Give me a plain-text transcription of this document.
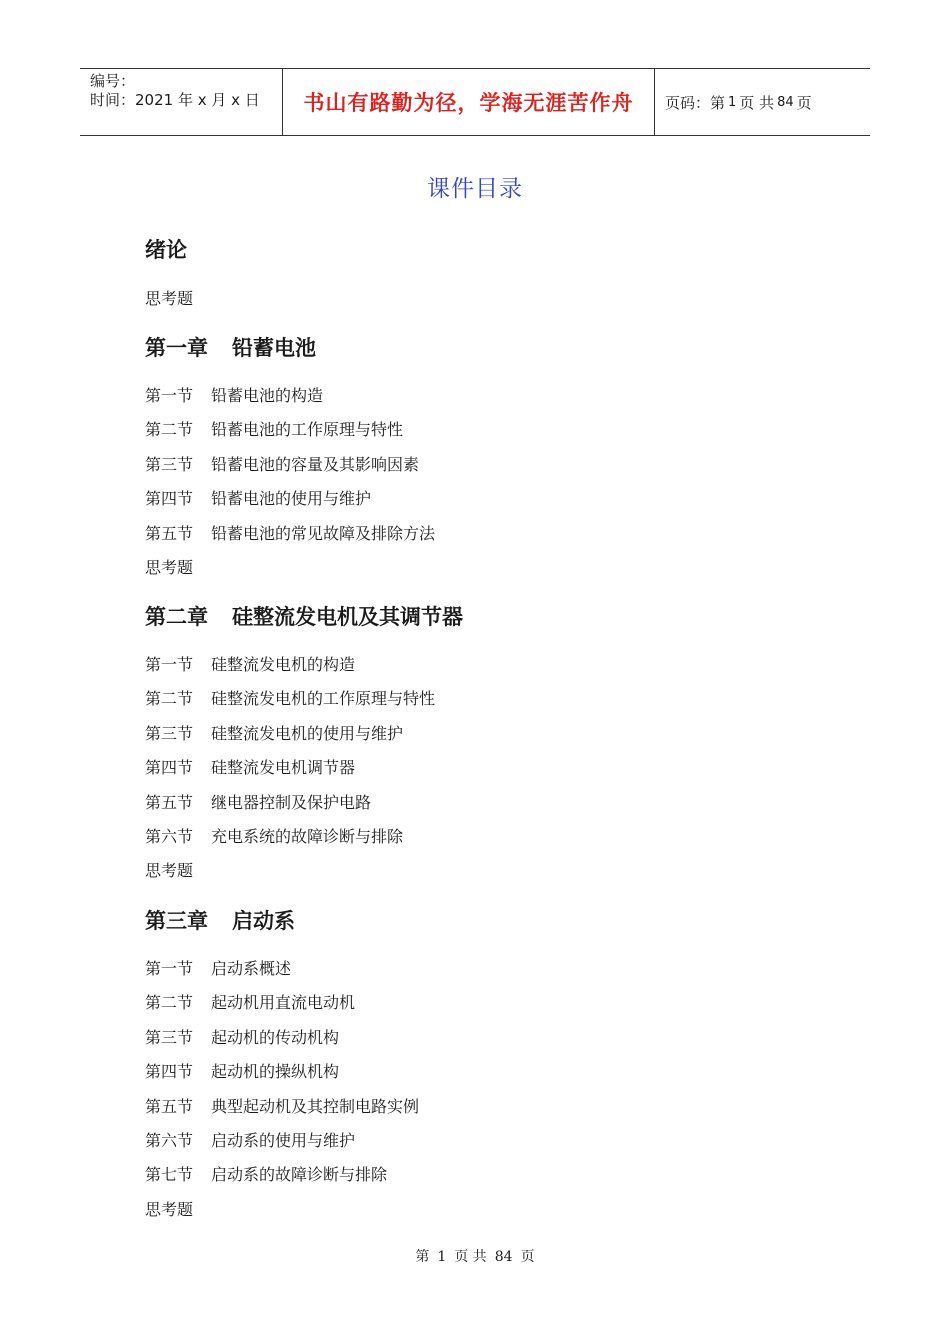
编号：
时间：2021 年 x 月 x 日	书山有路勤为径，学海无涯苦作舟 页码：第 1 页 共 84 页
课件目录
绪论
思考题
第一章 铅蓄电池
第一节 铅蓄电池的构造
第二节 铅蓄电池的工作原理与特性
第三节 铅蓄电池的容量及其影响因素
第四节 铅蓄电池的使用与维护
第五节 铅蓄电池的常见故障及排除方法
思考题
第二章 硅整流发电机及其调节器
第一节 硅整流发电机的构造
第二节 硅整流发电机的工作原理与特性
第三节 硅整流发电机的使用与维护
第四节 硅整流发电机调节器
第五节 继电器控制及保护电路
第六节 充电系统的故障诊断与排除
思考题
第三章 启动系
第一节 启动系概述
第二节 起动机用直流电动机
第三节 起动机的传动机构
第四节 起动机的操纵机构
第五节 典型起动机及其控制电路实例
第六节 启动系的使用与维护
第七节 启动系的故障诊断与排除
思考题
第 1 页 共 84 页
